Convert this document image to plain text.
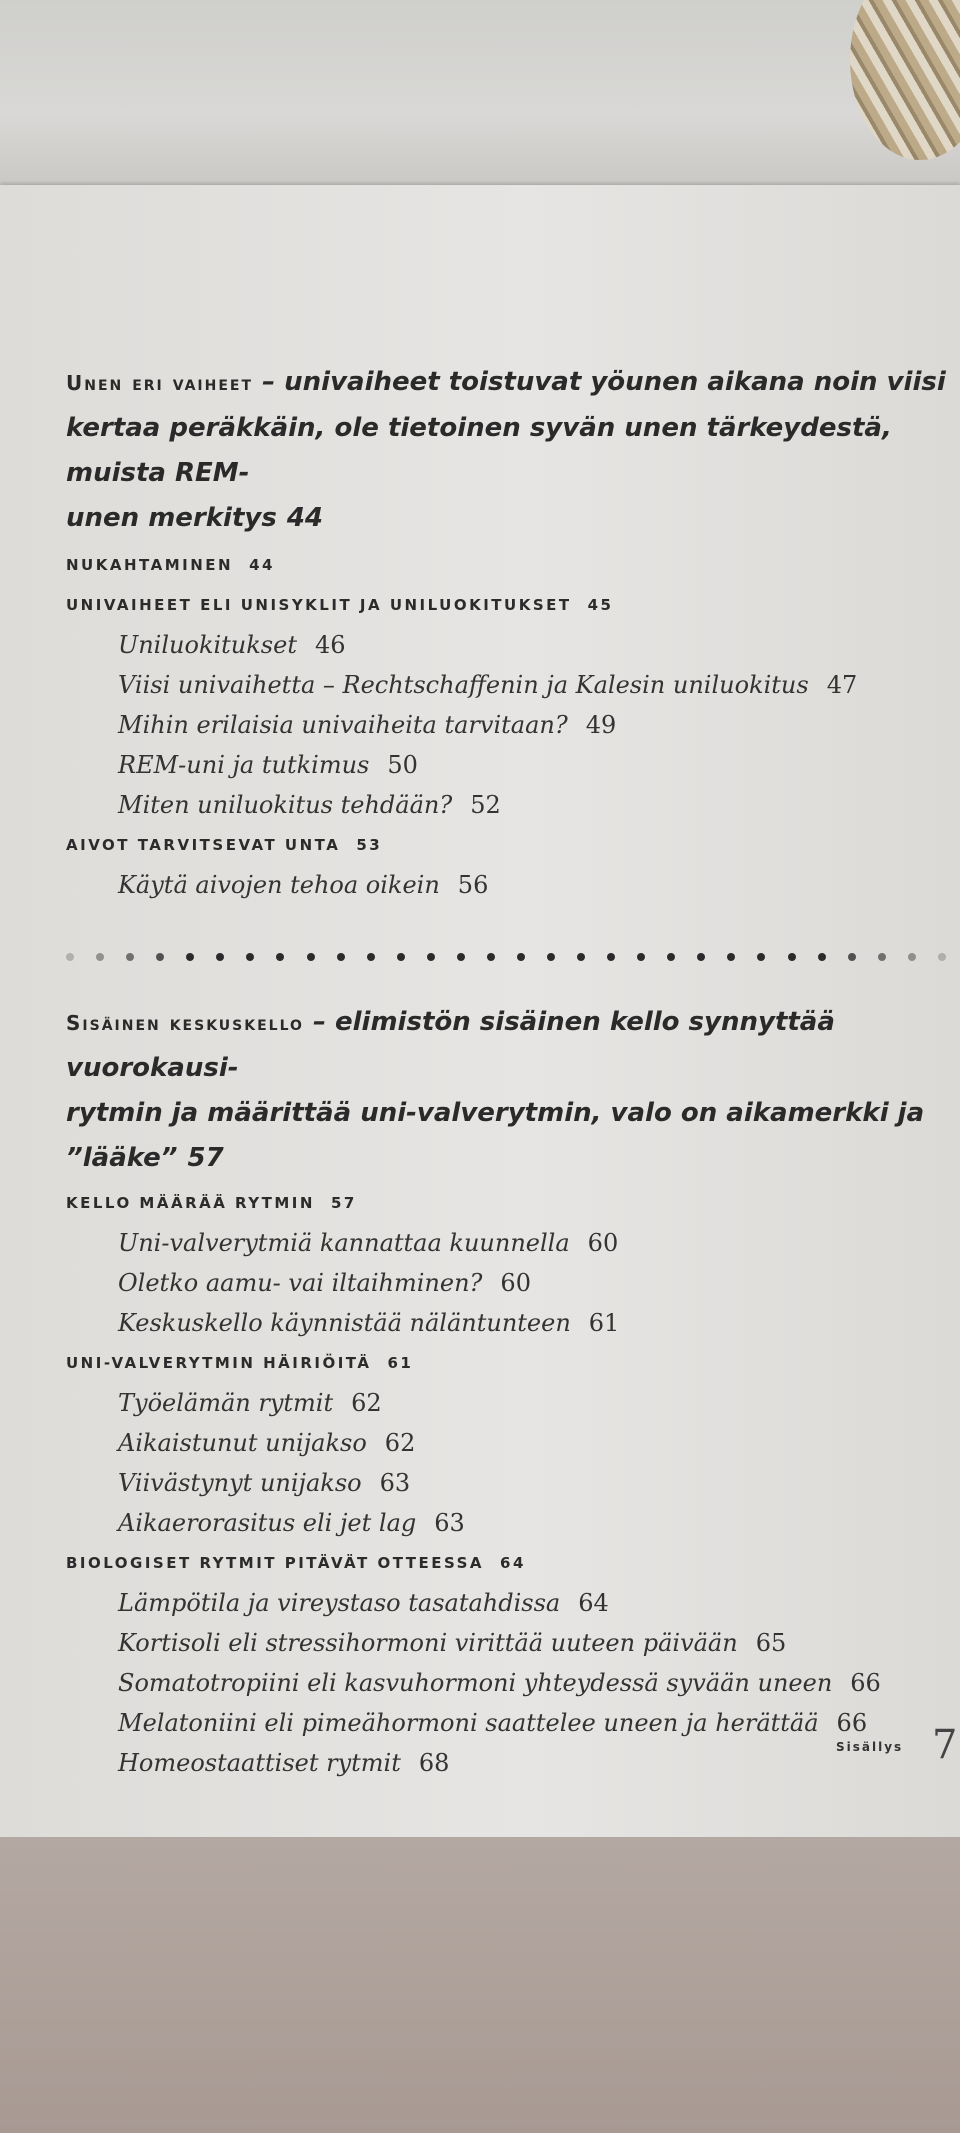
Unen eri vaiheet – univaiheet toistuvat yöunen aikana noin viisi
kertaa peräkkäin, ole tietoinen syvän unen tärkeydestä, muista REM-
unen merkitys 44
NUKAHTAMINEN 44
UNIVAIHEET ELI UNISYKLIT JA UNILUOKITUKSET 45
Uniluokitukset 46
Viisi univaihetta – Rechtschaffenin ja Kalesin uniluokitus 47
Mihin erilaisia univaiheita tarvitaan? 49
REM-uni ja tutkimus 50
Miten uniluokitus tehdään? 52
AIVOT TARVITSEVAT UNTA 53
Käytä aivojen tehoa oikein 56
Sisäinen keskuskello – elimistön sisäinen kello synnyttää vuorokausi-
rytmin ja määrittää uni-valverytmin, valo on aikamerkki ja ”lääke” 57
KELLO MÄÄRÄÄ RYTMIN 57
Uni-valverytmiä kannattaa kuunnella 60
Oletko aamu- vai iltaihminen? 60
Keskuskello käynnistää näläntunteen 61
UNI-VALVERYTMIN HÄIRIÖITÄ 61
Työelämän rytmit 62
Aikaistunut unijakso 62
Viivästynyt unijakso 63
Aikaerorasitus eli jet lag 63
BIOLOGISET RYTMIT PITÄVÄT OTTEESSA 64
Lämpötila ja vireystaso tasatahdissa 64
Kortisoli eli stressihormoni virittää uuteen päivään 65
Somatotropiini eli kasvuhormoni yhteydessä syvään uneen 66
Melatoniini eli pimeähormoni saattelee uneen ja herättää 66
Homeostaattiset rytmit 68
Sisällys 7
